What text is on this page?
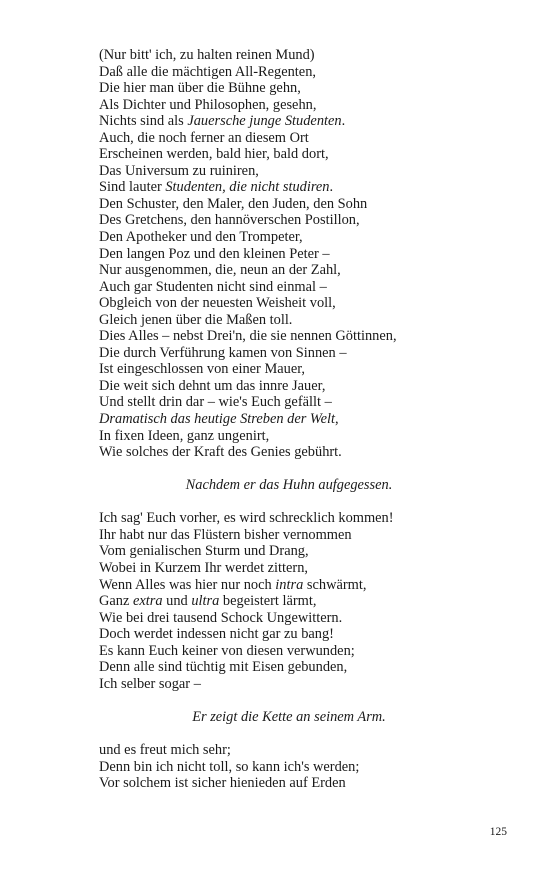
(Nur bitt' ich, zu halten reinen Mund)
Daß alle die mächtigen All-Regenten,
Die hier man über die Bühne gehn,
Als Dichter und Philosophen, gesehn,
Nichts sind als Jauersche junge Studenten.
Auch, die noch ferner an diesem Ort
Erscheinen werden, bald hier, bald dort,
Das Universum zu ruiniren,
Sind lauter Studenten, die nicht studiren.
Den Schuster, den Maler, den Juden, den Sohn
Des Gretchens, den hannöverschen Postillon,
Den Apotheker und den Trompeter,
Den langen Poz und den kleinen Peter –
Nur ausgenommen, die, neun an der Zahl,
Auch gar Studenten nicht sind einmal –
Obgleich von der neuesten Weisheit voll,
Gleich jenen über die Maßen toll.
Dies Alles – nebst Drei'n, die sie nennen Göttinnen,
Die durch Verführung kamen von Sinnen –
Ist eingeschlossen von einer Mauer,
Die weit sich dehnt um das innre Jauer,
Und stellt drin dar – wie's Euch gefällt –
Dramatisch das heutige Streben der Welt,
In fixen Ideen, ganz ungenirt,
Wie solches der Kraft des Genies gebührt.
Nachdem er das Huhn aufgegessen.
Ich sag' Euch vorher, es wird schrecklich kommen!
Ihr habt nur das Flüstern bisher vernommen
Vom genialischen Sturm und Drang,
Wobei in Kurzem Ihr werdet zittern,
Wenn Alles was hier nur noch intra schwärmt,
Ganz extra und ultra begeistert lärmt,
Wie bei drei tausend Schock Ungewittern.
Doch werdet indessen nicht gar zu bang!
Es kann Euch keiner von diesen verwunden;
Denn alle sind tüchtig mit Eisen gebunden,
Ich selber sogar –
Er zeigt die Kette an seinem Arm.
und es freut mich sehr;
Denn bin ich nicht toll, so kann ich's werden;
Vor solchem ist sicher hienieden auf Erden
125
